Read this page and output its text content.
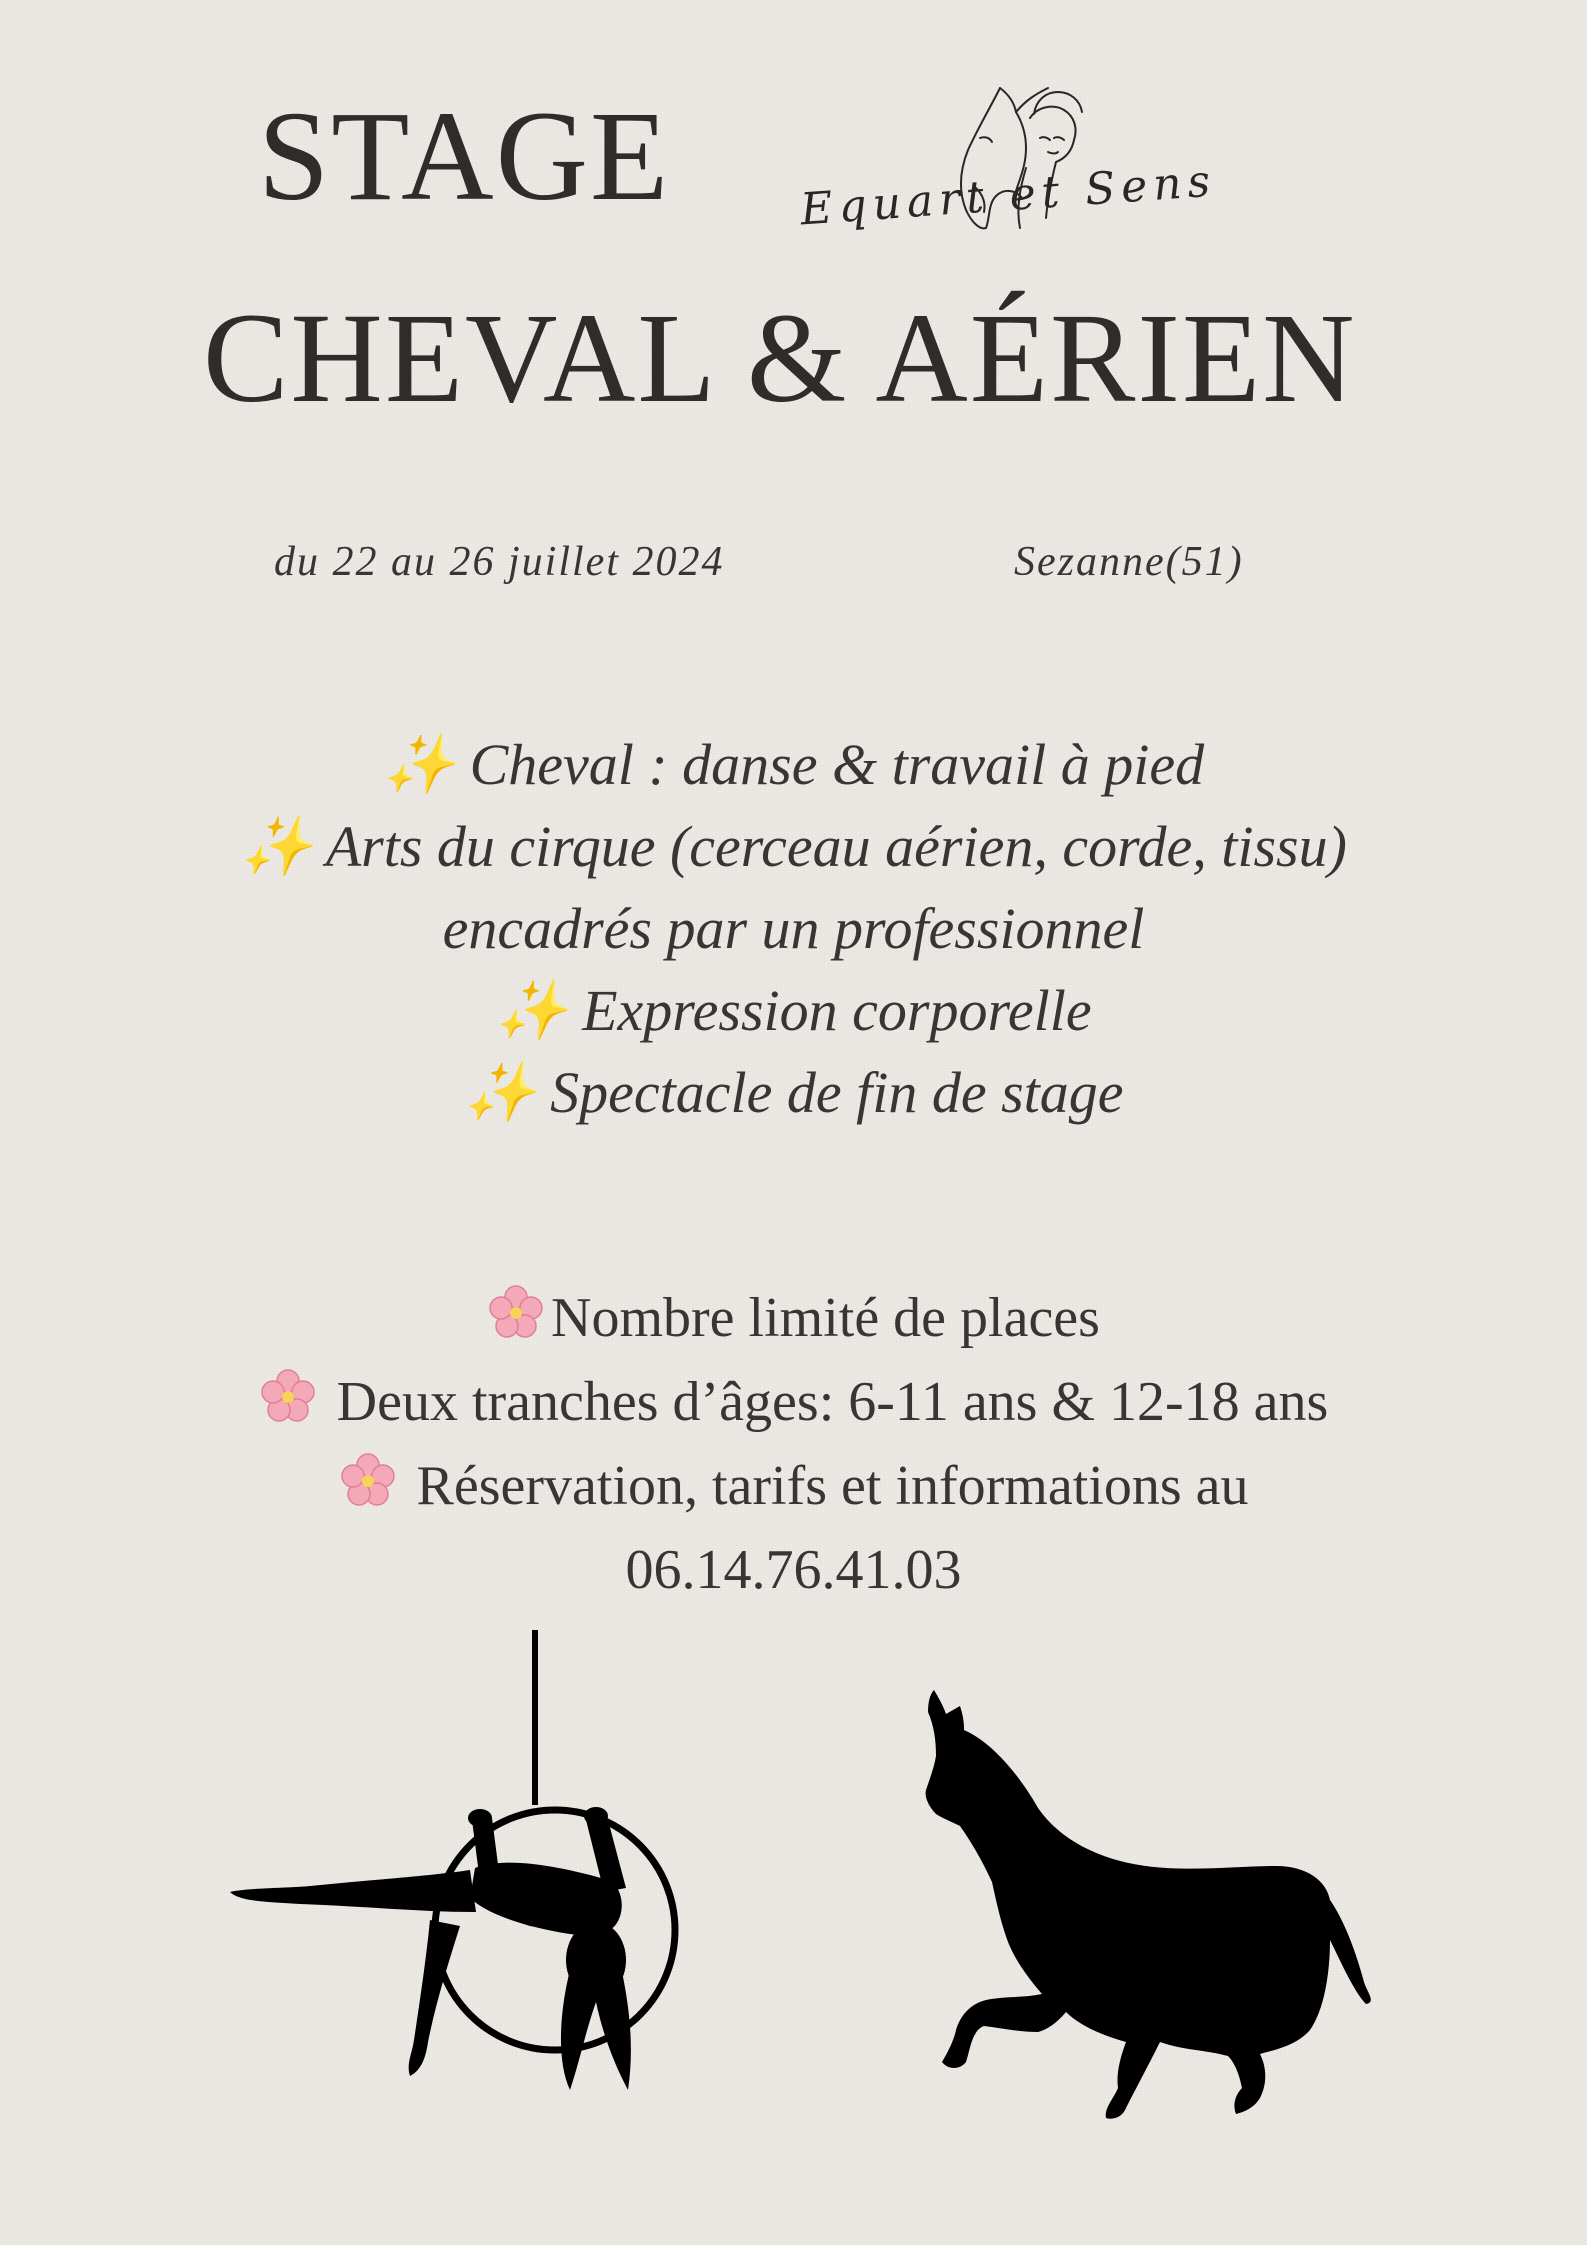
STAGE
CHEVAL & AÉRIEN
Equart et Sens
du 22 au 26 juillet 2024	Sezanne(51)
✨ Cheval : danse & travail à pied
✨ Arts du cirque (cerceau aérien, corde, tissu)
encadrés par un professionnel
✨ Expression corporelle
✨ Spectacle de fin de stage
Nombre limité de places
Deux tranches d’âges: 6-11 ans & 12-18 ans
Réservation, tarifs et informations au
06.14.76.41.03
